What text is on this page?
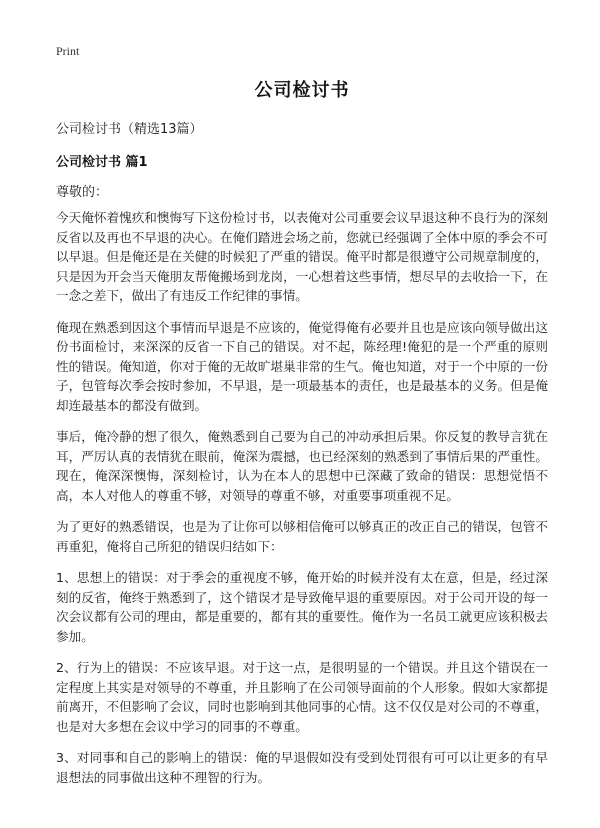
Print
公司检讨书
公司检讨书（精选13篇）
公司检讨书 篇1
尊敬的：

今天俺怀着愧疚和懊悔写下这份检讨书，以表俺对公司重要会议早退这种不良行为的深刻反省以及再也不早退的决心。在俺们踏进会场之前，您就已经强调了全体中原的季会不可以早退。但是俺还是在关健的时候犯了严重的错误。俺平时都是很遵守公司规章制度的，只是因为开会当天俺朋友帮俺搬场到龙岗，一心想着这些事情，想尽早的去收拾一下，在一念之差下，做出了有违反工作纪律的事情。

俺现在熟悉到因这个事情而早退是不应该的，俺觉得俺有必要并且也是应该向领导做出这份书面检讨，来深深的反省一下自己的错误。对不起，陈经理!俺犯的是一个严重的原则性的错误。俺知道，你对于俺的无故旷堪巢非常的生气。俺也知道，对于一个中原的一份子，包管每次季会按时参加，不早退，是一项最基本的责任，也是最基本的义务。但是俺却连最基本的都没有做到。

事后，俺冷静的想了很久，俺熟悉到自己要为自己的冲动承担后果。你反复的教导言犹在耳，严厉认真的表情犹在眼前，俺深为震撼，也已经深刻的熟悉到了事情后果的严重性。现在，俺深深懊悔，深刻检讨，认为在本人的思想中已深藏了致命的错误：思想觉悟不高，本人对他人的尊重不够，对领导的尊重不够，对重要事项重视不足。

为了更好的熟悉错误，也是为了让你可以够相信俺可以够真正的改正自己的错误，包管不再重犯，俺将自己所犯的错误归结如下：

1、思想上的错误：对于季会的重视度不够，俺开始的时候并没有太在意，但是，经过深刻的反省，俺终于熟悉到了，这个错误才是导致俺早退的重要原因。对于公司开设的每一次会议都有公司的理由，都是重要的，都有其的重要性。俺作为一名员工就更应该积极去参加。

2、行为上的错误：不应该早退。对于这一点，是很明显的一个错误。并且这个错误在一定程度上其实是对领导的不尊重，并且影响了在公司领导面前的个人形象。假如大家都提前离开，不但影响了会议，同时也影响到其他同事的心情。这不仅仅是对公司的不尊重，也是对大多想在会议中学习的同事的不尊重。

3、对同事和自己的影响上的错误：俺的早退假如没有受到处罚很有可可以让更多的有早退想法的同事做出这种不理智的行为。
